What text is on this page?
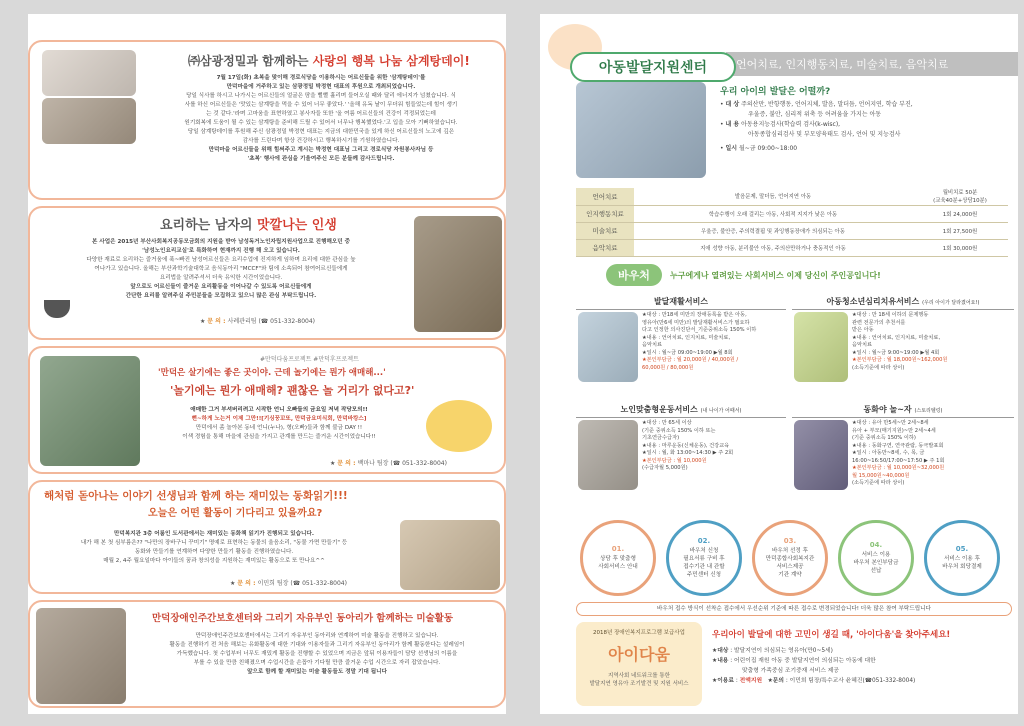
㈜삼광정밀과 함께하는 사랑의 행복 나눔 삼계탕데이!

7월 17일(화) 초복을 맞이해 경로식당을 이용하시는 어르신들을 위한 '삼계탕데이'를

만덕마을에 거주하고 있는 삼광정밀 박정현 대표의 후원으로 개최되었습니다.

당일 식사를 하시고 나가시는 어르신들의 얼굴은 땀을 뻘뻘 흘리며 들어오실 때와 달리 에너지가 넘쳤습니다. 식

사를 하신 어르신들은 '맛있는 삼계탕을 먹을 수 있어 너무 좋았다.' '올해 유독 날이 무더워 힘들었는데 힘이 생기

는 것 같다.'라며 고마움을 표현하였고 봉사자들 또한 '올 여름 어르신들의 건강이 걱정되었는데

원기회복에 도움이 될 수 있는 삼계탕을 준비해 드릴 수 있어서 너무나 행복했었다.'고 입을 모아 기뻐하였습니다.

당일 삼계탕데이를 후원해 주신 삼광정밀 박정현 대표는 지금의 대한민국을 있게 하신 어르신들의 노고에 깊은

감사를 드린다며 항상 건강하시고 행복하시기를 기원하였습니다.

만덕마을 어르신들을 위해 힘써주고 계시는 박정현 대표님 그리고 경로식당 자원봉사자님 등

'초복' 행사에 관심을 기울여주신 모든 분들께 감사드립니다.

요리하는 남자의 맛깔나는 인생

본 사업은 2015년 부산사회복지공동모금회의 지원을 받아 남성독거노인자립지원사업으로 진행해오던 중

'남성노인요리교실'로 특화하여 현재까지 진행 해 오고 있습니다.

다양한 재료로 요리하는 즐거움에 푹~빠진 남성어르신들은 요리수업에 진지하게 임하며 요리에 대한 관심을 높

여나가고 있습니다. 올해는 부산과학기술대학교 음식동아리 "MCCF"와 팀에 소속되어 참여어르신들에게

요리법을 알려주셔서 더욱 유익한 시간이었습니다.

앞으로도 어르신들이 즐거운 요리활동을 이어나갈 수 있도록 어르신들에게

간단한 요리를 알려주실 주민분들을 모집하고 있으니 많은 관심 부탁드립니다.

★ 문 의 : 사례관리팀 (☎ 051-332-8004)
#만덕다움프로젝트 #만덕후프로젝트
'만덕은 살기에는 좋은 곳이야. 근데 놀기에는 뭔가 애매해...'
'놀기에는 뭔가 애매해? 괜찮은 놀 거리가 없다고?'

애매한 그거 부셔버리려고 시작한 언니 오빠들의 금요일 저녁 작당모의!!

뻔~하게 노는거 이제 그만!![기싱꿍꼬또, 만덕금요미식회, 만덕바캉스]

만덕에서 좀 놀아본 동네 언니(누나), 형(오빠)들과 함께 불금 DAY !!

이색 경험을 통해 마을에 관심을 가지고 관계를 만드는 즐거운 시간이었습니다!!

★ 문 의 : 백마나 팀장 (☎ 051-332-8004)
해처럼 돋아나는 이야기 선생님과 함께 하는 재미있는 동화읽기!!!
오늘은 어떤 활동이 기다리고 있을까요?

만덕복지관 3층 어룸인 도서관에서는 재미있는 동화책 읽기가 진행되고 있습니다.

내가 해 본 첫 심부름은?? "나만의 장바구니 꾸미기" 명예로 표현하는 동물의 울음소리, "동물 가면 만들기" 등

동화와 만들기를 연계하여 다양한 만들기 활동을 진행하였습니다.

매월 2, 4주 월요일마다 아이들의 꿈과 창의성을 지원하는 재미있는 활동으로 또 만나요^^

★ 문 의 : 이민희 팀장 (☎ 051-332-8004)
만덕장애인주간보호센터와 그리기 자유부인 동아리가 함께하는 미술활동

만덕장애인주간보호센터에서는 그리기 자유부인 동아리와 연계하여 미술 활동을 진행하고 있습니다.

활동을 진행하기 전 처음 해보는 유화활동에 대한 기대와 이용자들과 그리기 자유부인 동아리가 함께 활동한다는 설레임이

가득했습니다. 첫 수업부터 너무도 재밌게 활동을 진행할 수 있었으며 지금은 앞뒤 이용자들이 담당 선생님의 이름을

부를 수 있을 만큼 친해졌으며 수업시간을 손꼽아 기다릴 만큼 즐거운 수업 시간으로 자리 잡았습니다.

앞으로 함께 할 재미있는 미술 활동들도 정말 기대 됩니다

언어치료, 인지행동치료, 미술치료, 음악치료
아동발달지원센터
우리 아이의 발달은 어떨까?
• 대 상 주의산만, 반항행동, 언어지체, 발음, 말더듬, 언어지연, 학습 부진,
우울증, 불안, 심리적 위축 등 어려움을 가지는 아동
• 내 용 아동용지능검사(학습력 검사(k-wisc),
아동종합심리검사 및 부모양육태도 검사, 언어 및 지능검사
• 일시 월~금 09:00~18:00
언어치료	발음문제, 말더듬, 언어지연 아동	월비치료 50분
(교육40분+상담10분)
인지행동치료	학습수행이 오래 걸리는 아동, 사회적 지지가 낮은 아동	1회 24,000원
미술치료	우울증, 불안증, 주의력결핍 및 과잉행동장애가 의심되는 아동	1회 27,500원
음악치료	지애 성향 아동, 분리불안 아동, 주의산만하거나 충동적인 아동	1회 30,000원
바우처	누구에게나 열려있는 사회서비스 이제 당신이 주인공입니다!
발달재활서비스
★대상 : 만18세 미만의 장애등록을 받은 아동,
영유아(만6세 미만)의 발달재활서비스가 필요하
다고 인정한 의사진단서_기준중위소득 150% 이하
★내용 : 언어치료, 인지치료, 미술치료,
음악치료
★일시 : 월~금 09:00~19:00 ▶월 8회
★본인부담금 : 월 20,000원 / 40,000원 /
60,000원 / 80,000원
아동청소년심리치유서비스 (우리 아이가 달라졌어요!)
★대상 : 만 18세 이하의 문제행동
관련 전문가의 추천서를
받은 아동
★내용 : 언어치료, 인지치료, 미술치료,
음악치료
★일시 : 월~금 9:00~19:00 ▶월 4회
★본인부담금 : 월 18,000원~162,000원
(소득기준에 따라 상이)
노인맞춤형운동서비스 (내 나이가 어때서)
★대상 : 만 65세 이상
(기준 중위소득 150% 이하 또는
기초연금수급자)
★내용 : 마루운동(신체운동), 건강교육
★일시 : 월, 화 13:00~14:30 ▶ 주 2회
★본인부담금 : 월 10,000원
(수급자월 5,000원)
동화야 놀~자 (스토리텔링)
★대상 : 유아 만5세~만 2세~8세
유아 + 부모(매기지원)~만 2세~4세
(기준 중위소득 150% 이하)
★내용 : 동화구연, 연극관람, 동극발표회
★일시 : 아동만~8세, 수, 목, 금
16:00~16:50/17:00~17:50 ▶ 주 1회
★본인부담금 : 월 10,000원~32,000원
월 15,000원~40,000원
(소득기준에 따라 상이)
01.
상담 후 맞춤형
사회서비스 안내
02.
바우처 신청
필요서류 구비 후
접수기관 내 관할
주민센터 신청
03.
바우처 선정 후
만덕종합사회복지관
서비스제공
기관 계약
04.
서비스 이용
바우처 본인부담금
선납
05.
서비스 이용 후
바우처 회당결제
바우처 접수 방식이 선착순 접수에서 우선순위 기준에 따른 접수로 변경되었습니다! 더욱 많은 참여 부탁드립니다
2018년 장애인복지프로그램 보급사업
아이다움
지역사회 네트워크를 통한
발달지연 영유아 조기발견 및 지원 서비스
우리아이 발달에 대한 고민이 생길 때, '아이다움'을 찾아주세요!
★대상 : 발달지연이 의심되는 영유아(만0~5세)
★내용 : 어린이집 재원 아동 중 발달지연이 의심되는 아동에 대한
맞춤형 가족중심 조기중재 서비스 제공
★이용료 : 전액지원   ★문의 : 이민희 팀장/특수교사 윤혜진(☎051-332-8004)
